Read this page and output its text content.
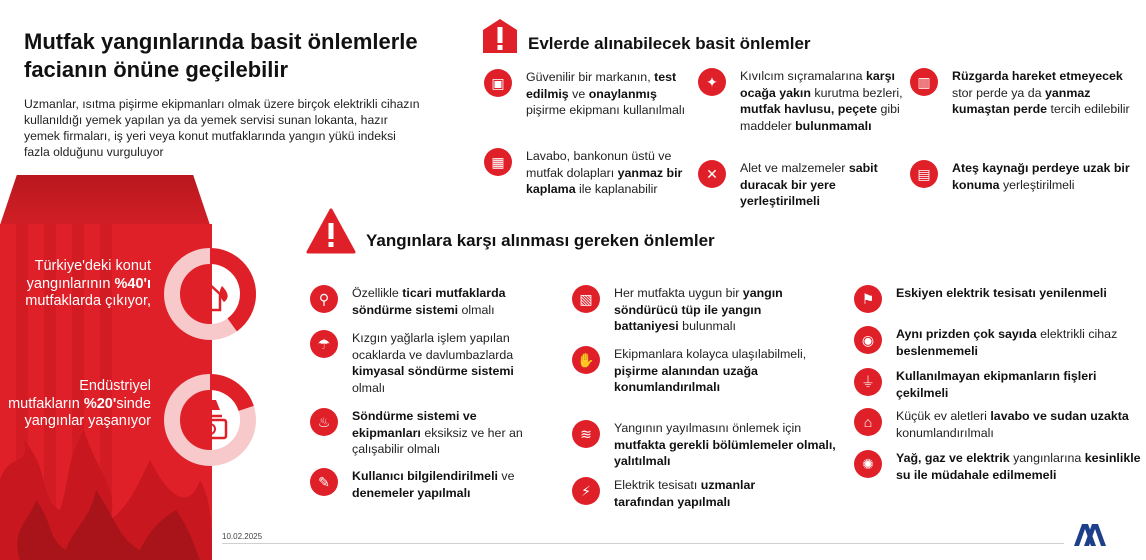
Mutfak yangınlarında basit önlemlerle facianın önüne geçilebilir
Uzmanlar, ısıtma pişirme ekipmanları olmak üzere birçok elektrikli cihazın kullanıldığı yemek yapılan ya da yemek servisi sunan lokanta, hazır yemek firmaları, iş yeri veya konut mutfaklarında yangın yükü indeksi fazla olduğunu vurguluyor
Türkiye'deki konut yangınlarının %40'ı mutfaklarda çıkıyor,
Endüstriyel mutfakların %20'sinde yangınlar yaşanıyor
Evlerde alınabilecek basit önlemler
▣	Güvenilir bir markanın, test edilmiş ve onaylanmış pişirme ekipmanı kullanılmalı
✦	Kıvılcım sıçramalarına karşı ocağa yakın kurutma bezleri, mutfak havlusu, peçete gibi maddeler bulunmamalı
▥	Rüzgarda hareket etmeyecek stor perde ya da yanmaz kumaştan perde tercih edilebilir
▦	Lavabo, bankonun üstü ve mutfak dolapları yanmaz bir kaplama ile kaplanabilir
✕	Alet ve malzemeler sabit duracak bir yere yerleştirilmeli
▤	Ateş kaynağı perdeye uzak bir konuma yerleştirilmeli
Yangınlara karşı alınması gereken önlemler
⚲	Özellikle ticari mutfaklarda söndürme sistemi olmalı
☂	Kızgın yağlarla işlem yapılan ocaklarda ve davlumbazlarda kimyasal söndürme sistemi olmalı
♨	Söndürme sistemi ve ekipmanları eksiksiz ve her an çalışabilir olmalı
✎	Kullanıcı bilgilendirilmeli ve denemeler yapılmalı
▧	Her mutfakta uygun bir yangın söndürücü tüp ile yangın battaniyesi bulunmalı
✋	Ekipmanlara kolayca ulaşılabilmeli, pişirme alanından uzağa konumlandırılmalı
≋	Yangının yayılmasını önlemek için mutfakta gerekli bölümlemeler olmalı, yalıtılmalı
⚡	Elektrik tesisatı uzmanlar tarafından yapılmalı
⚑	Eskiyen elektrik tesisatı yenilenmeli
◉	Aynı prizden çok sayıda elektrikli cihaz beslenmemeli
⏚	Kullanılmayan ekipmanların fişleri çekilmeli
⌂	Küçük ev aletleri lavabo ve sudan uzakta konumlandırılmalı
✺	Yağ, gaz ve elektrik yangınlarına kesinlikle su ile müdahale edilmemeli
10.02.2025
